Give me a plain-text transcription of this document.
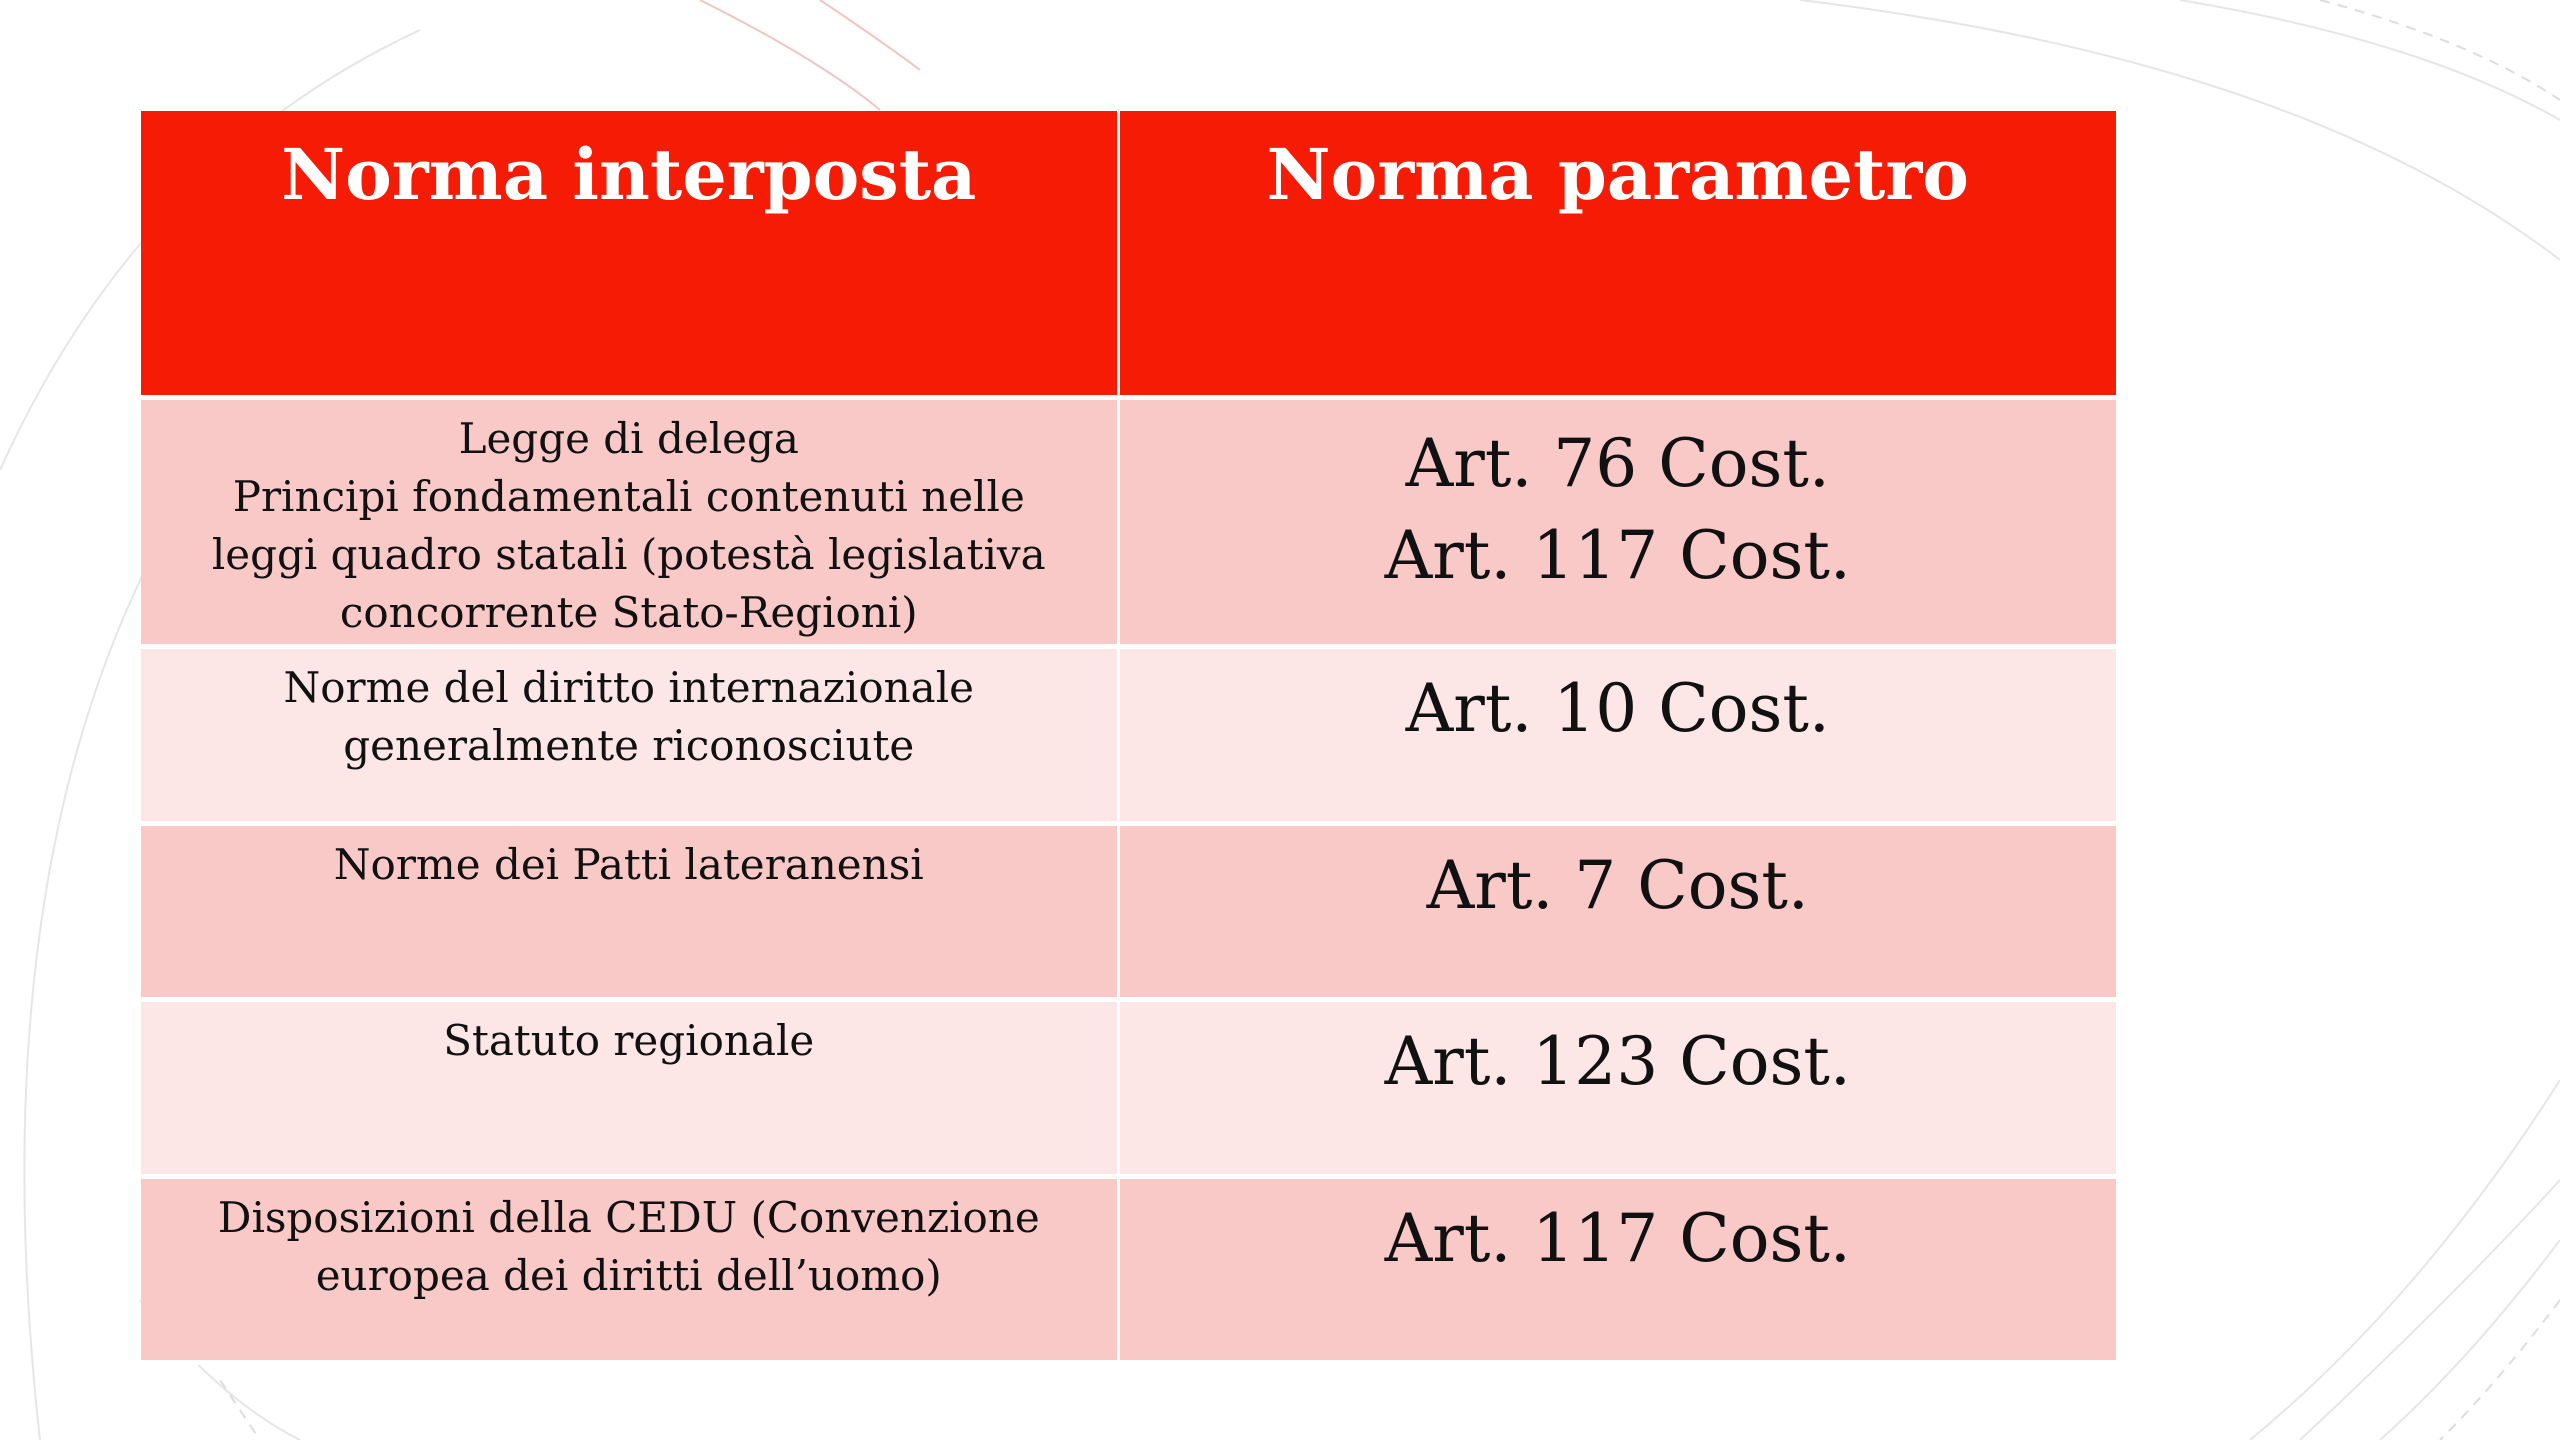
Norma interposta	Norma parametro

Legge di delega
Principi fondamentali contenuti nelle
leggi quadro statali (potestà legislativa
concorrente Stato-Regioni)	Art. 76 Cost.
Art. 117 Cost.

Norme del diritto internazionale
generalmente riconosciute	Art. 10 Cost.

Norme dei Patti lateranensi	Art. 7 Cost.

Statuto regionale	Art. 123 Cost.

Disposizioni della CEDU (Convenzione
europea dei diritti dell’uomo)	Art. 117 Cost.
